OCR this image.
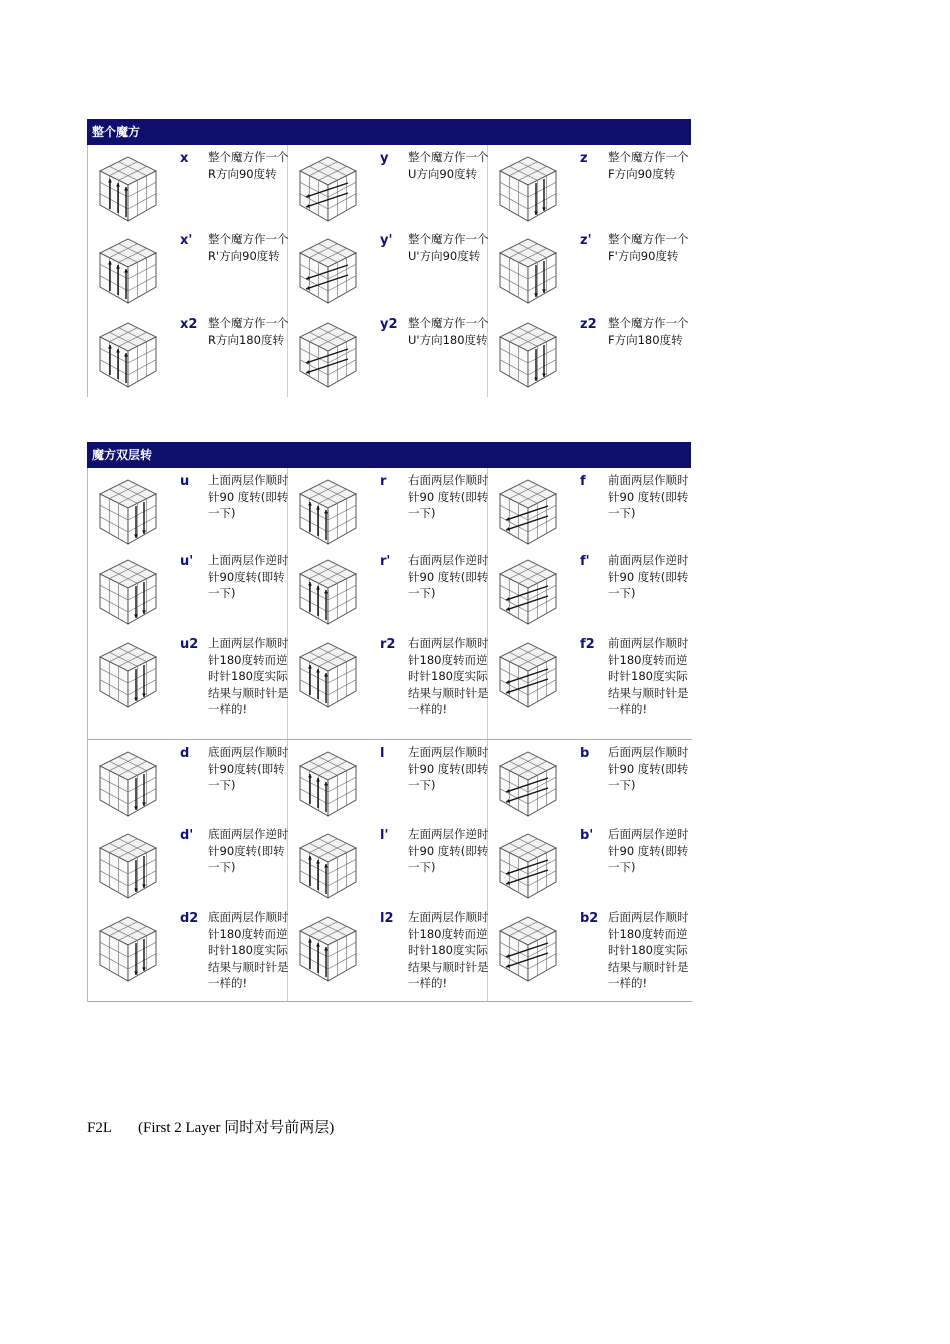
整个魔方
x 整个魔方作一个R方向90度转
y 整个魔方作一个U方向90度转
z 整个魔方作一个F方向90度转
x' 整个魔方作一个R'方向90度转
y' 整个魔方作一个U'方向90度转
z' 整个魔方作一个F'方向90度转
x2 整个魔方作一个R方向180度转
y2 整个魔方作一个U'方向180度转
z2 整个魔方作一个F方向180度转
魔方双层转
u 上面两层作顺时针90 度转(即转一下)
r 右面两层作顺时针90 度转(即转一下)
f 前面两层作顺时针90 度转(即转一下)
u' 上面两层作逆时针90度转(即转一下)
r' 右面两层作逆时针90 度转(即转一下)
f' 前面两层作逆时针90 度转(即转一下)
u2 上面两层作顺时针180度转而逆时针180度实际结果与顺时针是一样的!
r2 右面两层作顺时针180度转而逆时针180度实际结果与顺时针是一样的!
f2 前面两层作顺时针180度转而逆时针180度实际结果与顺时针是一样的!
d 底面两层作顺时针90度转(即转一下)
l 左面两层作顺时针90 度转(即转一下)
b 后面两层作顺时针90 度转(即转一下)
d' 底面两层作逆时针90度转(即转一下)
l' 左面两层作逆时针90 度转(即转一下)
b' 后面两层作逆时针90 度转(即转一下)
d2 底面两层作顺时针180度转而逆时针180度实际结果与顺时针是一样的!
l2 左面两层作顺时针180度转而逆时针180度实际结果与顺时针是一样的!
b2 后面两层作顺时针180度转而逆时针180度实际结果与顺时针是一样的!
F2L (First 2 Layer 同时对号前两层)
